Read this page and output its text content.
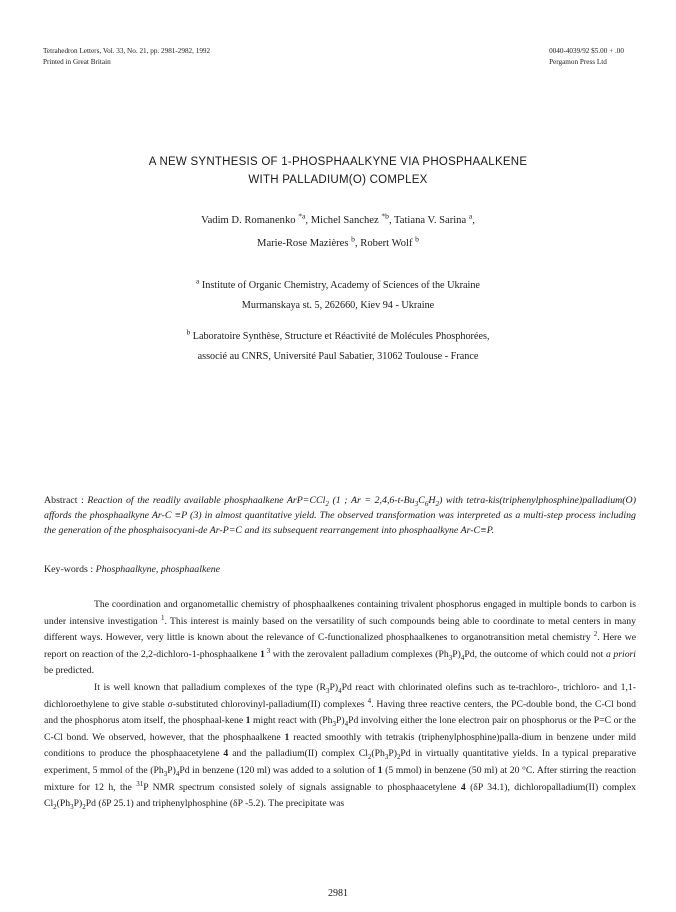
Tetrahedron Letters, Vol. 33, No. 21, pp. 2981-2982, 1992
Printed in Great Britain
0040-4039/92 $5.00 + .00
Pergamon Press Ltd
A NEW SYNTHESIS OF 1-PHOSPHAALKYNE VIA PHOSPHAALKENE
WITH PALLADIUM(O) COMPLEX
Vadim D. Romanenko $^{*a}$, Michel Sanchez $^{*b}$, Tatiana V. Sarina $^a$,
Marie-Rose Mazières $^b$, Robert Wolf $^b$
$^a$ Institute of Organic Chemistry, Academy of Sciences of the Ukraine
Murmanskaya st. 5, 262660, Kiev 94 - Ukraine
$^b$ Laboratoire Synthèse, Structure et Réactivité de Molécules Phosphorées,
associé au CNRS, Université Paul Sabatier, 31062 Toulouse - France
Abstract : Reaction of the readily available phosphaalkene ArP=CCl$_2$ (1 ; $Ar = 2,4,6-t-Bu_3C_6H_2$) with tetra-kis(triphenylphosphine)palladium(O) affords the phosphaalkyne Ar-C ≡P (3) in almost quantitative yield. The observed transformation was interpreted as a multi-step process including the generation of the phosphaisocyani-de Ar-P=C and its subsequent rearrangement into phosphaalkyne Ar-C≡P.
Key-words : Phosphaalkyne, phosphaalkene

The coordination and organometallic chemistry of phosphaalkenes containing trivalent phosphorus engaged in multiple bonds to carbon is under intensive investigation $^1$. This interest is mainly based on the versatility of such compounds being able to coordinate to metal centers in many different ways. However, very little is known about the relevance of C-functionalized phosphaalkenes to organotransition metal chemistry $^2$. Here we report on reaction of the 2,2-dichloro-1-phosphaalkene 1 $^3$ with the zerovalent palladium complexes $(Ph_3P)_4Pd$, the outcome of which could not a priori be predicted.

It is well known that palladium complexes of the type $(R_3P)_4Pd$ react with chlorinated olefins such as te-trachloro-, trichloro- and 1,1-dichloroethylene to give stable σ-substituted chlorovinyl-palladium(II) complexes $^4$. Having three reactive centers, the PC-double bond, the C-Cl bond and the phosphorus atom itself, the phosphaal-kene 1 might react with $(Ph_3P)_4Pd$ involving either the lone electron pair on phosphorus or the P=C or the C-Cl bond. We observed, however, that the phosphaalkene 1 reacted smoothly with tetrakis (triphenylphosphine)palla-dium in benzene under mild conditions to produce the phosphaacetylene 4 and the palladium(II) complex $Cl_2(Ph_3P)_2Pd$ in virtually quantitative yields. In a typical preparative experiment, 5 mmol of the $(Ph_3P)_4Pd$ in benzene (120 ml) was added to a solution of 1 (5 mmol) in benzene (50 ml) at 20 °C. After stirring the reaction mixture for 12 h, the $^{31}$P NMR spectrum consisted solely of signals assignable to phosphaacetylene 4 (δP 34.1), dichloropalladium(II) complex $Cl_2(Ph_3P)_2Pd$ (δP 25.1) and triphenylphosphine (δP -5.2). The precipitate was

2981
